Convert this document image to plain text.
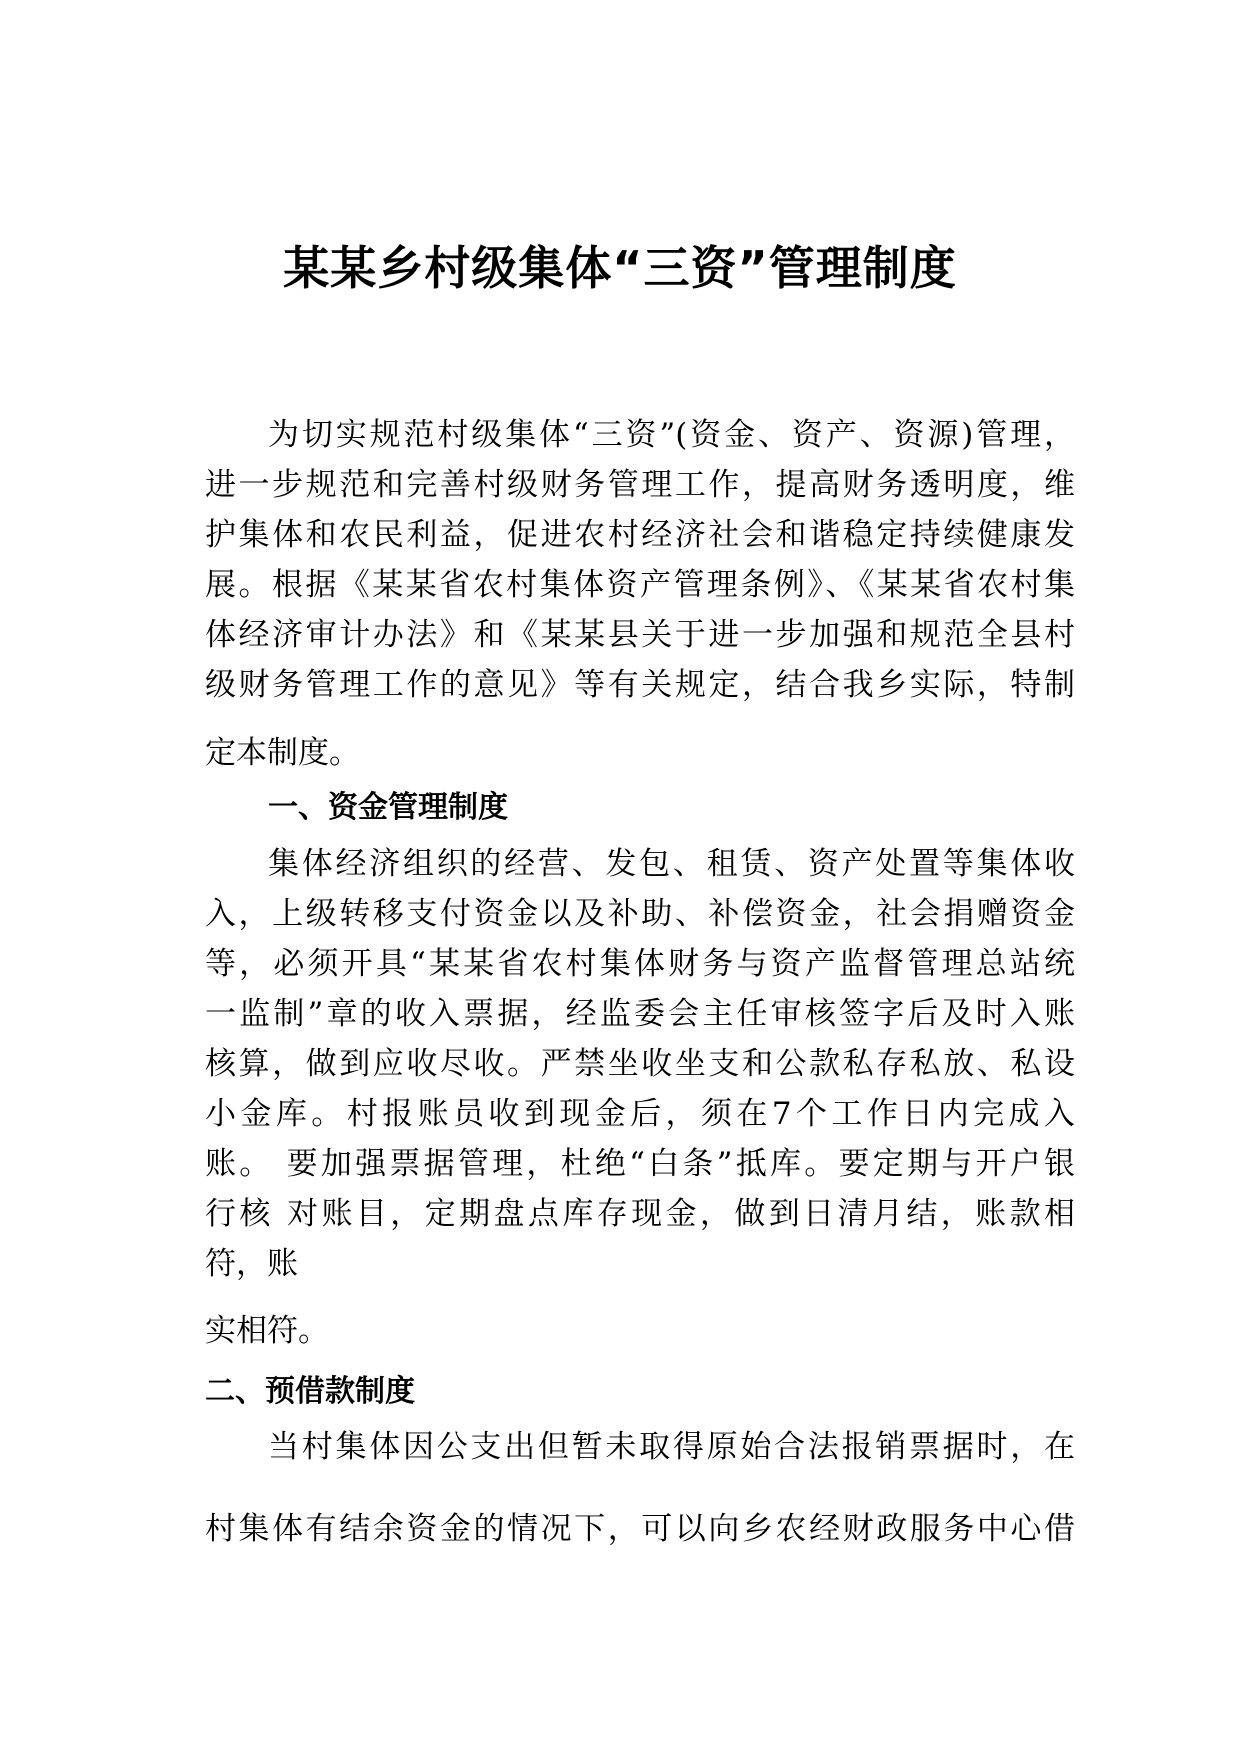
某某乡村级集体“三资”管理制度

为切实规范村级集体“三资”(资金、资产、资源)管理，

进一步规范和完善村级财务管理工作，提高财务透明度，维

护集体和农民利益，促进农村经济社会和谐稳定持续健康发

展。根据《某某省农村集体资产管理条例》、《某某省农村集

体经济审计办法》和《某某县关于进一步加强和规范全县村

级财务管理工作的意见》等有关规定，结合我乡实际，特制

定本制度。

一、资金管理制度

集体经济组织的经营、发包、租赁、资产处置等集体收

入，上级转移支付资金以及补助、补偿资金，社会捐赠资金

等，必须开具“某某省农村集体财务与资产监督管理总站统

一监制”章的收入票据，经监委会主任审核签字后及时入账

核算，做到应收尽收。严禁坐收坐支和公款私存私放、私设

小金库。村报账员收到现金后，须在7个工作日内完成入

账。 要加强票据管理，杜绝“白条”抵库。要定期与开户银

行核 对账目，定期盘点库存现金，做到日清月结，账款相

符，账

实相符。

二、预借款制度

当村集体因公支出但暂未取得原始合法报销票据时，在

村集体有结余资金的情况下，可以向乡农经财政服务中心借
